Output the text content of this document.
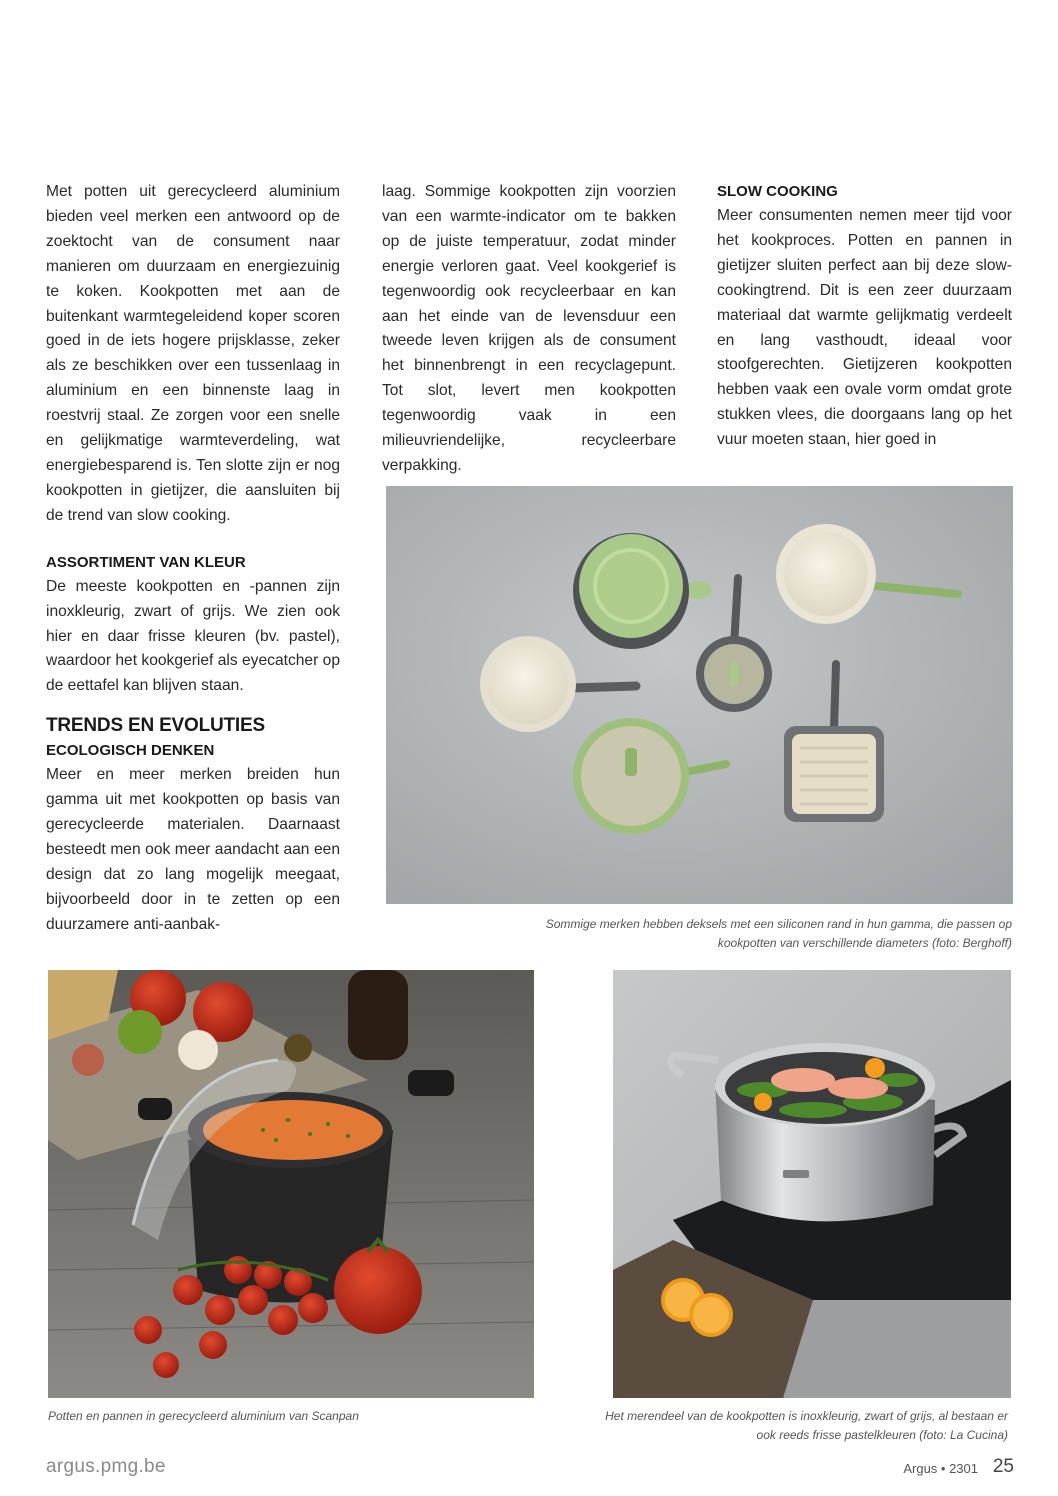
Met potten uit gerecycleerd aluminium bieden veel merken een antwoord op de zoektocht van de consument naar manieren om duurzaam en energiezuinig te koken. Kookpotten met aan de buitenkant warmtegeleidend koper scoren goed in de iets hogere prijsklasse, zeker als ze beschikken over een tussenlaag in aluminium en een binnenste laag in roestvrij staal. Ze zorgen voor een snelle en gelijkmatige warmteverdeling, wat energiebesparend is. Ten slotte zijn er nog kookpotten in gietijzer, die aansluiten bij de trend van slow cooking.

ASSORTIMENT VAN KLEUR

De meeste kookpotten en -pannen zijn inoxkleurig, zwart of grijs. We zien ook hier en daar frisse kleuren (bv. pastel), waardoor het kookgerief als eyecatcher op de eettafel kan blijven staan.

TRENDS EN EVOLUTIES
ECOLOGISCH DENKEN

Meer en meer merken breiden hun gamma uit met kookpotten op basis van gerecycleerde materialen. Daarnaast besteedt men ook meer aandacht aan een design dat zo lang mogelijk meegaat, bijvoorbeeld door in te zetten op een duurzamere anti-aanbak-

laag. Sommige kookpotten zijn voorzien van een warmte-indicator om te bakken op de juiste temperatuur, zodat minder energie verloren gaat. Veel kookgerief is tegenwoordig ook recycleerbaar en kan aan het einde van de levensduur een tweede leven krijgen als de consument het binnenbrengt in een recyclagepunt. Tot slot, levert men kookpotten tegenwoordig vaak in een milieuvriendelijke, recycleerbare verpakking.

SLOW COOKING

Meer consumenten nemen meer tijd voor het kookproces. Potten en pannen in gietijzer sluiten perfect aan bij deze slow-cookingtrend. Dit is een zeer duurzaam materiaal dat warmte gelijkmatig verdeelt en lang vasthoudt, ideaal voor stoofgerechten. Gietijzeren kookpotten hebben vaak een ovale vorm omdat grote stukken vlees, die doorgaans lang op het vuur moeten staan, hier goed in

Sommige merken hebben deksels met een siliconen rand in hun gamma, die passen op kookpotten van verschillende diameters (foto: Berghoff)
Potten en pannen in gerecycleerd aluminium van Scanpan	Het merendeel van de kookpotten is inoxkleurig, zwart of grijs, al bestaan er ook reeds frisse pastelkleuren (foto: La Cucina)
argus.pmg.be	Argus • 2301 25
